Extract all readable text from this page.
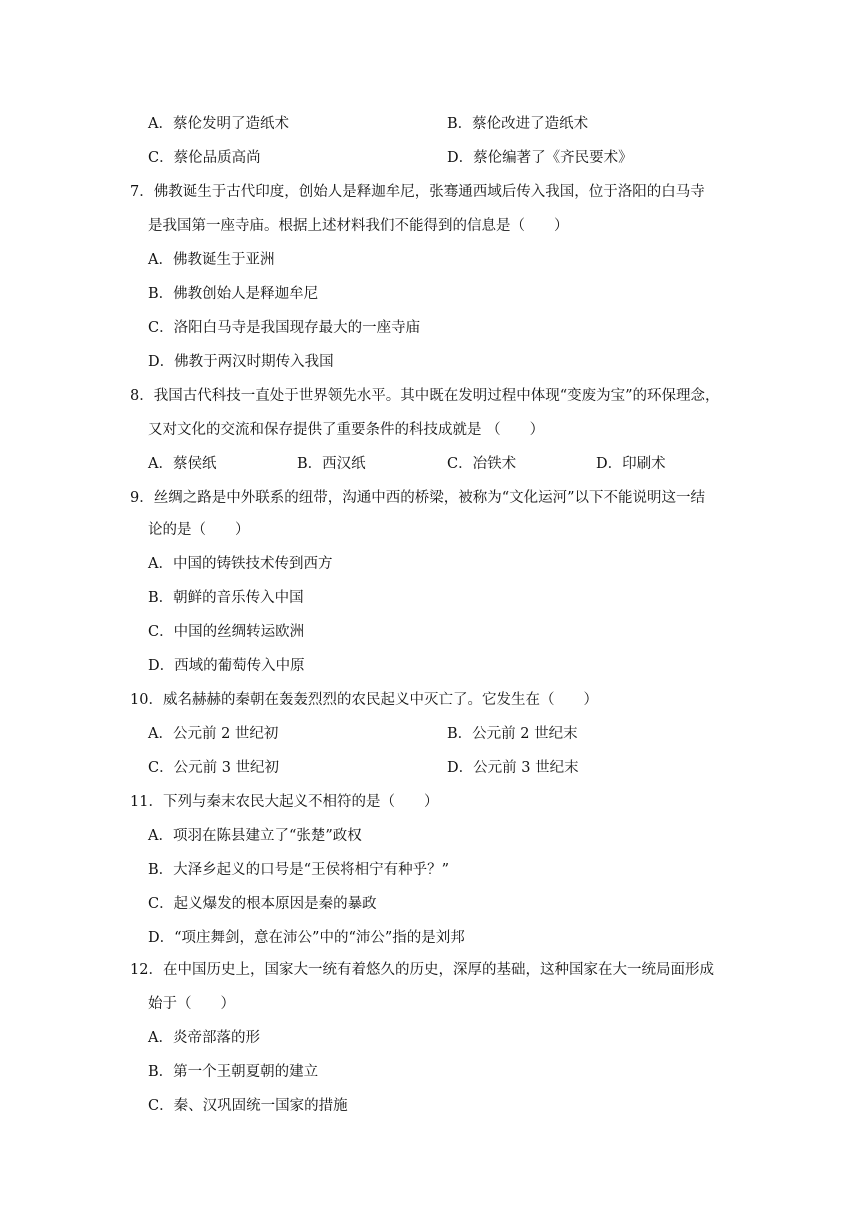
A．蔡伦发明了造纸术	B．蔡伦改进了造纸术
C．蔡伦品质高尚	D．蔡伦编著了《齐民要术》
7．佛教诞生于古代印度，创始人是释迦牟尼，张骞通西域后传入我国，位于洛阳的白马寺
是我国第一座寺庙。根据上述材料我们不能得到的信息是（　　）
A．佛教诞生于亚洲
B．佛教创始人是释迦牟尼
C．洛阳白马寺是我国现存最大的一座寺庙
D．佛教于两汉时期传入我国
8．我国古代科技一直处于世界领先水平。其中既在发明过程中体现“变废为宝”的环保理念，
又对文化的交流和保存提供了重要条件的科技成就是 （　　）
A．蔡侯纸	B．西汉纸	C．冶铁术	D．印刷术
9．丝绸之路是中外联系的纽带，沟通中西的桥梁，被称为“文化运河”以下不能说明这一结
论的是（　　）
A．中国的铸铁技术传到西方
B．朝鲜的音乐传入中国
C．中国的丝绸转运欧洲
D．西域的葡萄传入中原
10．威名赫赫的秦朝在轰轰烈烈的农民起义中灭亡了。它发生在（　　）
A．公元前 2 世纪初	B．公元前 2 世纪末
C．公元前 3 世纪初	D．公元前 3 世纪末
11．下列与秦末农民大起义不相符的是（　　）
A．项羽在陈县建立了“张楚”政权
B．大泽乡起义的口号是“王侯将相宁有种乎？”
C．起义爆发的根本原因是秦的暴政
D．“项庄舞剑，意在沛公”中的“沛公”指的是刘邦
12．在中国历史上，国家大一统有着悠久的历史，深厚的基础，这种国家在大一统局面形成
始于（　　）
A．炎帝部落的形
B．第一个王朝夏朝的建立
C．秦、汉巩固统一国家的措施
